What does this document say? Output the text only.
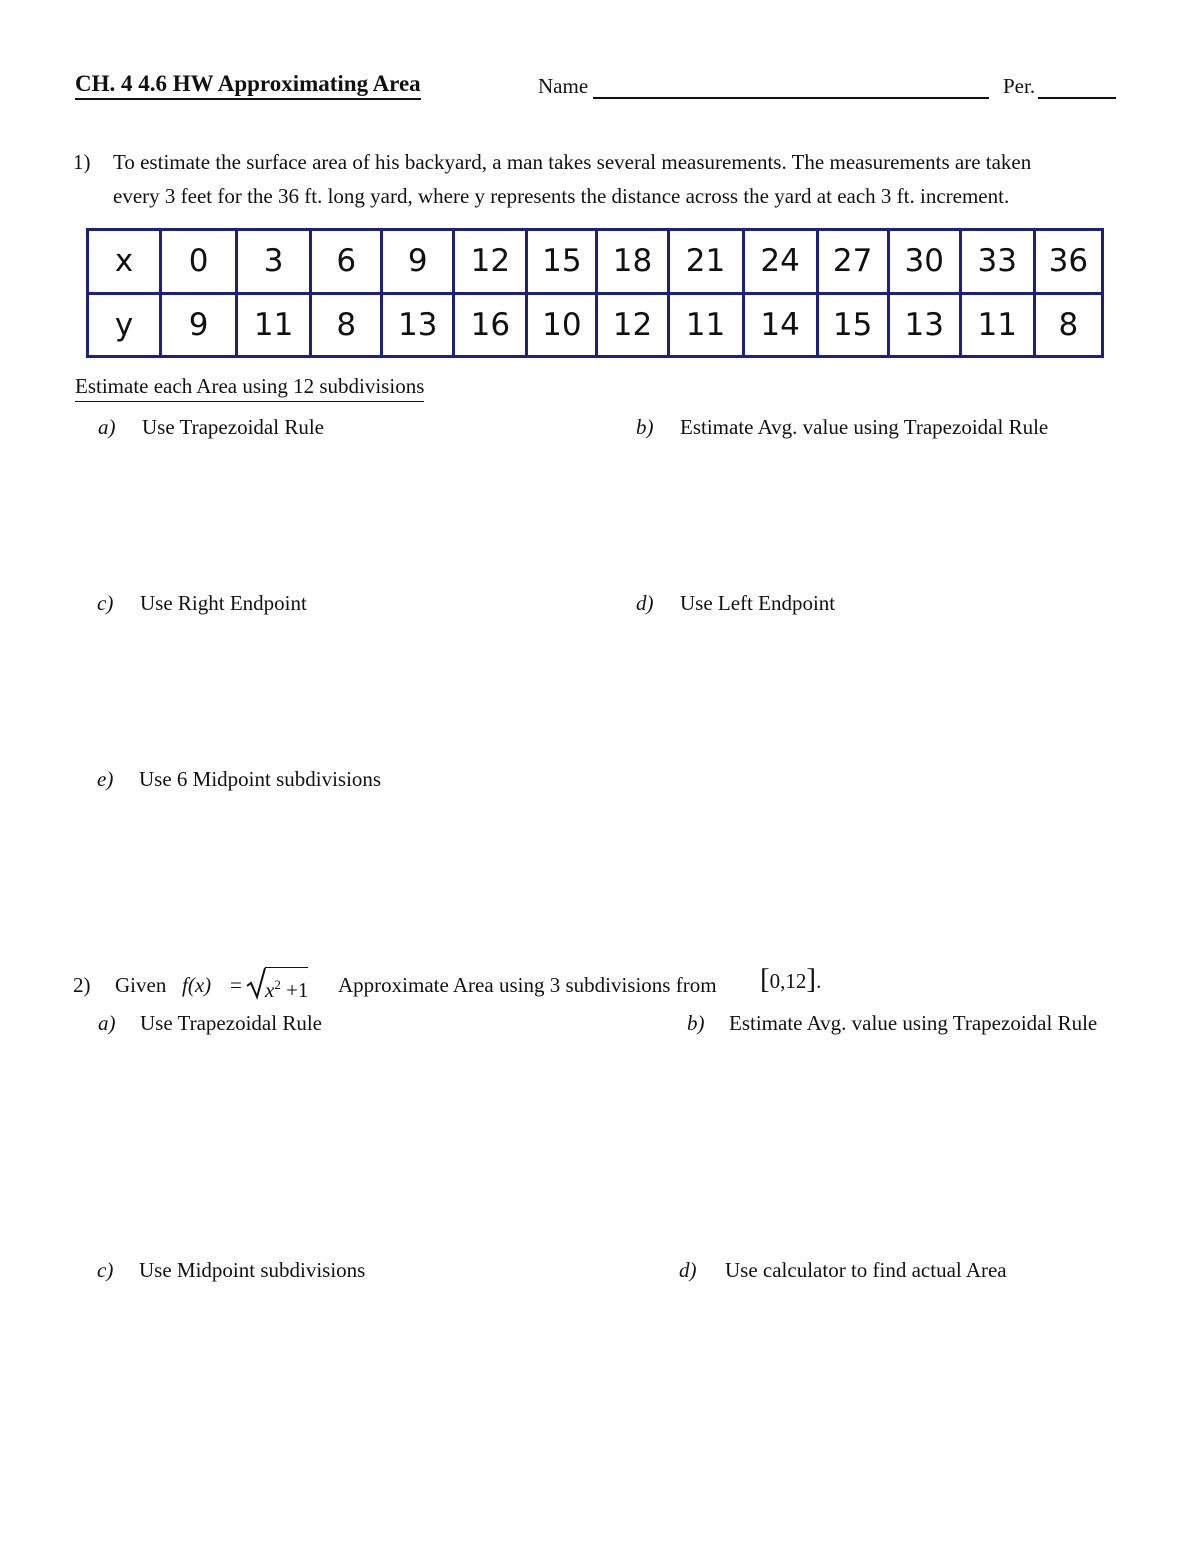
CH. 4 4.6 HW Approximating Area	Name	Per.
1) To estimate the surface area of his backyard, a man takes several measurements. The measurements are taken
every 3 feet for the 36 ft. long yard, where y represents the distance across the yard at each 3 ft. increment.
x	0	3	6	9	12	15	18	21	24	27	30	33	36
y	9	11	8	13	16	10	12	11	14	15	13	11	8
Estimate each Area using 12 subdivisions
a) Use Trapezoidal Rule	b) Estimate Avg. value using Trapezoidal Rule
c) Use Right Endpoint	d) Use Left Endpoint
e) Use 6 Midpoint subdivisions
2) Given $f(x) = x^2 +1$ Approximate Area using 3 subdivisions from [0,12].
a) Use Trapezoidal Rule	b) Estimate Avg. value using Trapezoidal Rule
c) Use Midpoint subdivisions	d) Use calculator to find actual Area
